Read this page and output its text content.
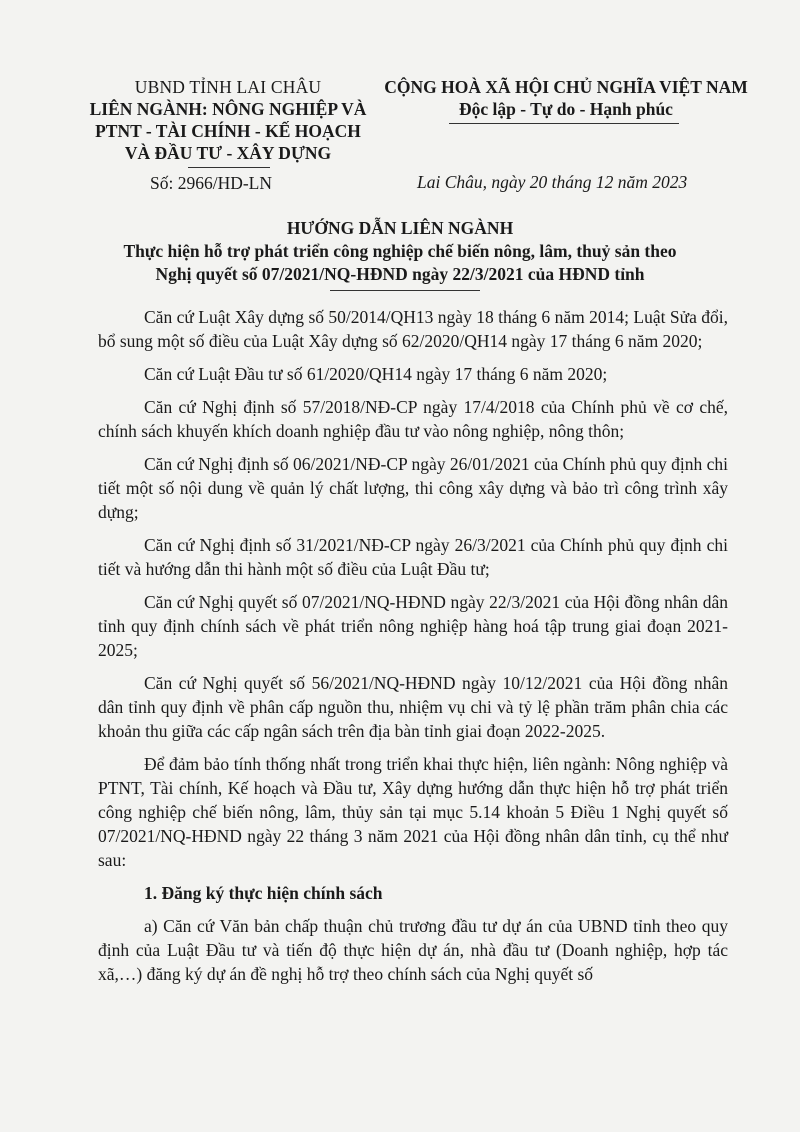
UBND TỈNH LAI CHÂU
LIÊN NGÀNH: NÔNG NGHIỆP VÀ
PTNT - TÀI CHÍNH - KẾ HOẠCH
VÀ ĐẦU TƯ - XÂY DỰNG
CỘNG HOÀ XÃ HỘI CHỦ NGHĨA VIỆT NAM
Độc lập - Tự do - Hạnh phúc
Số: 2966/HD-LN	Lai Châu, ngày 20 tháng 12 năm 2023
HƯỚNG DẪN LIÊN NGÀNH
Thực hiện hỗ trợ phát triển công nghiệp chế biến nông, lâm, thuỷ sản theo
Nghị quyết số 07/2021/NQ-HĐND ngày 22/3/2021 của HĐND tỉnh

Căn cứ Luật Xây dựng số 50/2014/QH13 ngày 18 tháng 6 năm 2014; Luật Sửa đổi, bổ sung một số điều của Luật Xây dựng số 62/2020/QH14 ngày 17 tháng 6 năm 2020;

Căn cứ Luật Đầu tư số 61/2020/QH14 ngày 17 tháng 6 năm 2020;

Căn cứ Nghị định số 57/2018/NĐ-CP ngày 17/4/2018 của Chính phủ về cơ chế, chính sách khuyến khích doanh nghiệp đầu tư vào nông nghiệp, nông thôn;

Căn cứ Nghị định số 06/2021/NĐ-CP ngày 26/01/2021 của Chính phủ quy định chi tiết một số nội dung về quản lý chất lượng, thi công xây dựng và bảo trì công trình xây dựng;

Căn cứ Nghị định số 31/2021/NĐ-CP ngày 26/3/2021 của Chính phủ quy định chi tiết và hướng dẫn thi hành một số điều của Luật Đầu tư;

Căn cứ Nghị quyết số 07/2021/NQ-HĐND ngày 22/3/2021 của Hội đồng nhân dân tỉnh quy định chính sách về phát triển nông nghiệp hàng hoá tập trung giai đoạn 2021-2025;

Căn cứ Nghị quyết số 56/2021/NQ-HĐND ngày 10/12/2021 của Hội đồng nhân dân tỉnh quy định về phân cấp nguồn thu, nhiệm vụ chi và tỷ lệ phần trăm phân chia các khoản thu giữa các cấp ngân sách trên địa bàn tỉnh giai đoạn 2022-2025.

Để đảm bảo tính thống nhất trong triển khai thực hiện, liên ngành: Nông nghiệp và PTNT, Tài chính, Kế hoạch và Đầu tư, Xây dựng hướng dẫn thực hiện hỗ trợ phát triển công nghiệp chế biến nông, lâm, thủy sản tại mục 5.14 khoản 5 Điều 1 Nghị quyết số 07/2021/NQ-HĐND ngày 22 tháng 3 năm 2021 của Hội đồng nhân dân tỉnh, cụ thể như sau:

1. Đăng ký thực hiện chính sách

a) Căn cứ Văn bản chấp thuận chủ trương đầu tư dự án của UBND tỉnh theo quy định của Luật Đầu tư và tiến độ thực hiện dự án, nhà đầu tư (Doanh nghiệp, hợp tác xã,…) đăng ký dự án đề nghị hỗ trợ theo chính sách của Nghị quyết số
